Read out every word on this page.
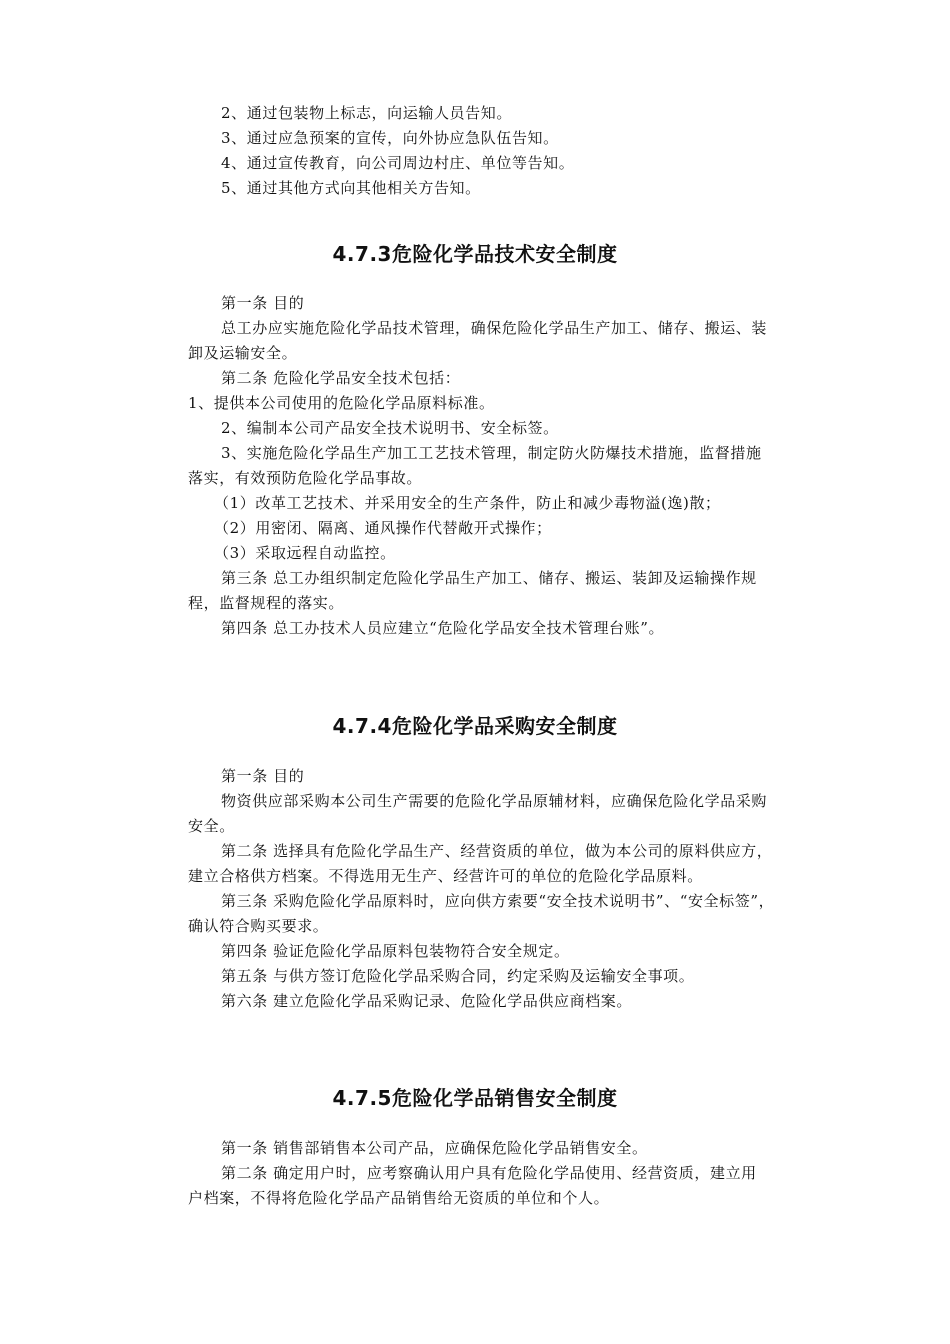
2、通过包装物上标志，向运输人员告知。
3、通过应急预案的宣传，向外协应急队伍告知。
4、通过宣传教育，向公司周边村庄、单位等告知。
5、通过其他方式向其他相关方告知。
4.7.3危险化学品技术安全制度
第一条 目的
总工办应实施危险化学品技术管理，确保危险化学品生产加工、储存、搬运、装
卸及运输安全。
第二条 危险化学品安全技术包括：
1、提供本公司使用的危险化学品原料标准。
2、编制本公司产品安全技术说明书、安全标签。
3、实施危险化学品生产加工工艺技术管理，制定防火防爆技术措施，监督措施
落实，有效预防危险化学品事故。
（1）改革工艺技术、并采用安全的生产条件，防止和减少毒物溢(逸)散；
（2）用密闭、隔离、通风操作代替敞开式操作；
（3）采取远程自动监控。
第三条 总工办组织制定危险化学品生产加工、储存、搬运、装卸及运输操作规
程，监督规程的落实。
第四条 总工办技术人员应建立“危险化学品安全技术管理台账”。
4.7.4危险化学品采购安全制度
第一条 目的
物资供应部采购本公司生产需要的危险化学品原辅材料，应确保危险化学品采购
安全。
第二条 选择具有危险化学品生产、经营资质的单位，做为本公司的原料供应方，
建立合格供方档案。不得选用无生产、经营许可的单位的危险化学品原料。
第三条 采购危险化学品原料时，应向供方索要“安全技术说明书”、“安全标签”，
确认符合购买要求。
第四条 验证危险化学品原料包装物符合安全规定。
第五条 与供方签订危险化学品采购合同，约定采购及运输安全事项。
第六条 建立危险化学品采购记录、危险化学品供应商档案。
4.7.5危险化学品销售安全制度
第一条 销售部销售本公司产品，应确保危险化学品销售安全。
第二条 确定用户时，应考察确认用户具有危险化学品使用、经营资质，建立用
户档案，不得将危险化学品产品销售给无资质的单位和个人。
